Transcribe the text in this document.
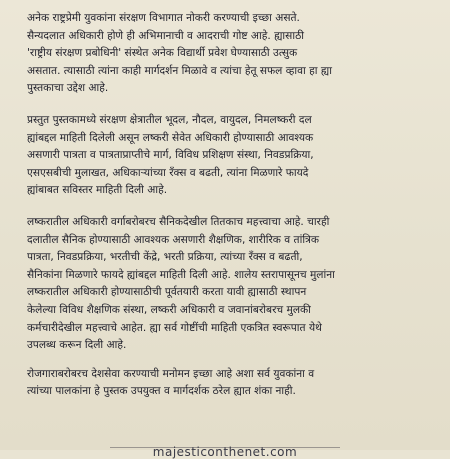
अनेक राष्ट्रप्रेमी युवकांना संरक्षण विभागात नोकरी करण्याची इच्छा असते.
सैन्यदलात अधिकारी होणे ही अभिमानाची व आदराची गोष्ट आहे. ह्यासाठी
'राष्ट्रीय संरक्षण प्रबोधिनी' संस्थेत अनेक विद्यार्थी प्रवेश घेण्यासाठी उत्सुक
असतात. त्यासाठी त्यांना काही मार्गदर्शन मिळावे व त्यांचा हेतू सफल व्हावा हा ह्या
पुस्तकाचा उद्देश आहे.
प्रस्तुत पुस्तकामध्ये संरक्षण क्षेत्रातील भूदल, नौदल, वायुदल, निमलष्करी दल
ह्यांबद्दल माहिती दिलेली असून लष्करी सेवेत अधिकारी होण्यासाठी आवश्यक
असणारी पात्रता व पात्रताप्राप्तीचे मार्ग, विविध प्रशिक्षण संस्था, निवडप्रक्रिया,
एसएसबीची मुलाखत, अधिकाऱ्यांच्या रँक्स व बढती, त्यांना मिळणारे फायदे
ह्यांबाबत सविस्तर माहिती दिली आहे.
लष्करातील अधिकारी वर्गाबरोबरच सैनिकदेखील तितकाच महत्त्वाचा आहे. चारही
दलातील सैनिक होण्यासाठी आवश्यक असणारी शैक्षणिक, शारीरिक व तांत्रिक
पात्रता, निवडप्रक्रिया, भरतीची केंद्रे, भरती प्रक्रिया, त्यांच्या रँक्स व बढती,
सैनिकांना मिळणारे फायदे ह्यांबद्दल माहिती दिली आहे. शालेय स्तरापासूनच मुलांना
लष्करातील अधिकारी होण्यासाठीची पूर्वतयारी करता यावी ह्यासाठी स्थापन
केलेल्या विविध शैक्षणिक संस्था, लष्करी अधिकारी व जवानांबरोबरच मुलकी
कर्मचारीदेखील महत्त्वाचे आहेत. ह्या सर्व गोष्टींची माहिती एकत्रित स्वरूपात येथे
उपलब्ध करून दिली आहे.
रोजगाराबरोबरच देशसेवा करण्याची मनोमन इच्छा आहे अशा सर्व युवकांना व
त्यांच्या पालकांना हे पुस्तक उपयुक्त व मार्गदर्शक ठरेल ह्यात शंका नाही.
majesticonthenet.com
